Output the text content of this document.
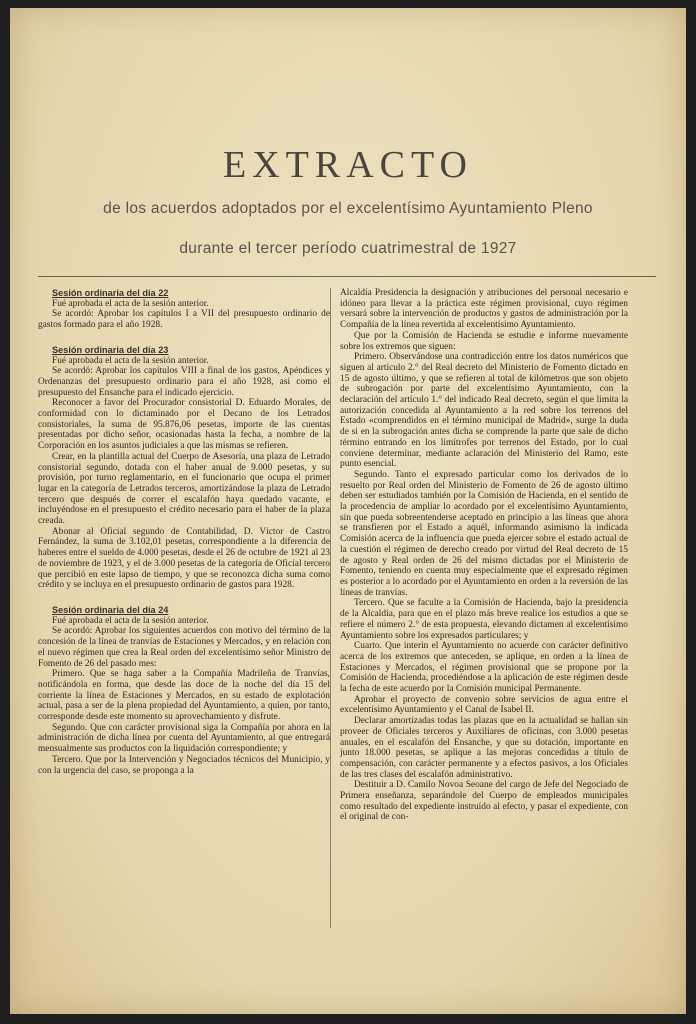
EXTRACTO
de los acuerdos adoptados por el excelentísimo Ayuntamiento Pleno
durante el tercer período cuatrimestral de 1927

Sesión ordinaria del día 22

Fué aprobada el acta de la sesión anterior.

Se acordó: Aprobar los capítulos I a VII del presupuesto ordinario de gastos formado para el año 1928.

Sesión ordinaria del día 23

Fué aprobada el acta de la sesión anterior.

Se acordó: Aprobar los capítulos VIII a final de los gastos, Apéndices y Ordenanzas del presupuesto ordinario para el año 1928, así como el presupuesto del Ensanche para el indicado ejercicio.

Reconocer a favor del Procurador consistorial D. Eduardo Morales, de conformidad con lo dictaminado por el Decano de los Letrados consistoriales, la suma de 95.876,06 pesetas, importe de las cuentas presentadas por dicho señor, ocasionadas hasta la fecha, a nombre de la Corporación en los asuntos judiciales a que las mismas se refieren.

Crear, en la plantilla actual del Cuerpo de Asesoría, una plaza de Letrado consistorial segundo, dotada con el haber anual de 9.000 pesetas, y su provisión, por turno reglamentario, en el funcionario que ocupa el primer lugar en la categoría de Letrados terceros, amortizándose la plaza de Letrado tercero que después de correr el escalafón haya quedado vacante, e incluyéndose en el presupuesto el crédito necesario para el haber de la plaza creada.

Abonar al Oficial segundo de Contabilidad, D. Víctor de Castro Fernández, la suma de 3.102,01 pesetas, correspondiente a la diferencia de haberes entre el sueldo de 4.000 pesetas, desde el 26 de octubre de 1921 al 23 de noviembre de 1923, y el de 3.000 pesetas de la categoría de Oficial tercero que percibió en este lapso de tiempo, y que se reconozca dicha suma como crédito y se incluya en el presupuesto ordinario de gastos para 1928.

Sesión ordinaria del día 24

Fué aprobada el acta de la sesión anterior.

Se acordó: Aprobar los siguientes acuerdos con motivo del término de la concesión de la línea de tranvías de Estaciones y Mercados, y en relación con el nuevo régimen que crea la Real orden del excelentísimo señor Ministro de Fomento de 26 del pasado mes:

Primero. Que se haga saber a la Compañía Madrileña de Tranvías, notificándola en forma, que desde las doce de la noche del día 15 del corriente la línea de Estaciones y Mercados, en su estado de explotación actual, pasa a ser de la plena propiedad del Ayuntamiento, a quien, por tanto, corresponde desde este momento su aprovechamiento y disfrute.

Segundo. Que con carácter provisional siga la Compañía por ahora en la administración de dicha línea por cuenta del Ayuntamiento, al que entregará mensualmente sus productos con la liquidación correspondiente; y

Tercero. Que por la Intervención y Negociados técnicos del Municipio, y con la urgencia del caso, se proponga a la

Alcaldía Presidencia la designación y atribuciones del personal necesario e idóneo para llevar a la práctica este régimen provisional, cuyo régimen versará sobre la intervención de productos y gastos de administración por la Compañía de la línea revertida al excelentísimo Ayuntamiento.

Que por la Comisión de Hacienda se estudie e informe nuevamente sobre los extremos que siguen:

Primero. Observándose una contradicción entre los datos numéricos que siguen al artículo 2.° del Real decreto del Ministerio de Fomento dictado en 15 de agosto último, y que se refieren al total de kilómetros que son objeto de subrogación por parte del excelentísimo Ayuntamiento, con la declaración del artículo 1.° del indicado Real decreto, según el que limita la autorización concedida al Ayuntamiento a la red sobre los terrenos del Estado «comprendidos en el término municipal de Madrid», surge la duda de si en la subrogación antes dicha se comprende la parte que sale de dicho término entrando en los limítrofes por terrenos del Estado, por lo cual conviene determinar, mediante aclaración del Ministerio del Ramo, este punto esencial.

Segundo. Tanto el expresado particular como los derivados de lo resuelto por Real orden del Ministerio de Fomento de 26 de agosto último deben ser estudiados también por la Comisión de Hacienda, en el sentido de la procedencia de ampliar lo acordado por el excelentísimo Ayuntamiento, sin que pueda sobreentenderse aceptado en principio a las líneas que ahora se transfieren por el Estado a aquél, informando asimismo la indicada Comisión acerca de la influencia que pueda ejercer sobre el estado actual de la cuestión el régimen de derecho creado por virtud del Real decreto de 15 de agosto y Real orden de 26 del mismo dictadas por el Ministerio de Fomento, teniendo en cuenta muy especialmente que el expresado régimen es posterior a lo acordado por el Ayuntamiento en orden a la reversión de las líneas de tranvías.

Tercero. Que se faculte a la Comisión de Hacienda, bajo la presidencia de la Alcaldía, para que en el plazo más breve realice los estudios a que se refiere el número 2.° de esta propuesta, elevando dictamen al excelentísimo Ayuntamiento sobre los expresados particulares; y

Cuarto. Que ínterin el Ayuntamiento no acuerde con carácter definitivo acerca de los extremos que anteceden, se aplique, en orden a la línea de Estaciones y Mercados, el régimen provisional que se propone por la Comisión de Hacienda, procediéndose a la aplicación de este régimen desde la fecha de este acuerdo por la Comisión municipal Permanente.

Aprobar el proyecto de convenio sobre servicios de agua entre el excelentísimo Ayuntamiento y el Canal de Isabel II.

Declarar amortizadas todas las plazas que en la actualidad se hallan sin proveer de Oficiales terceros y Auxiliares de oficinas, con 3.000 pesetas anuales, en el escalafón del Ensanche, y que su dotación, importante en junto 18.000 pesetas, se aplique a las mejoras concedidas a título de compensación, con carácter permanente y a efectos pasivos, a los Oficiales de las tres clases del escalafón administrativo.

Destituir a D. Camilo Novoa Seoane del cargo de Jefe del Negociado de Primera enseñanza, separándole del Cuerpo de empleados municipales como resultado del expediente instruído al efecto, y pasar el expediente, con el original de con-
